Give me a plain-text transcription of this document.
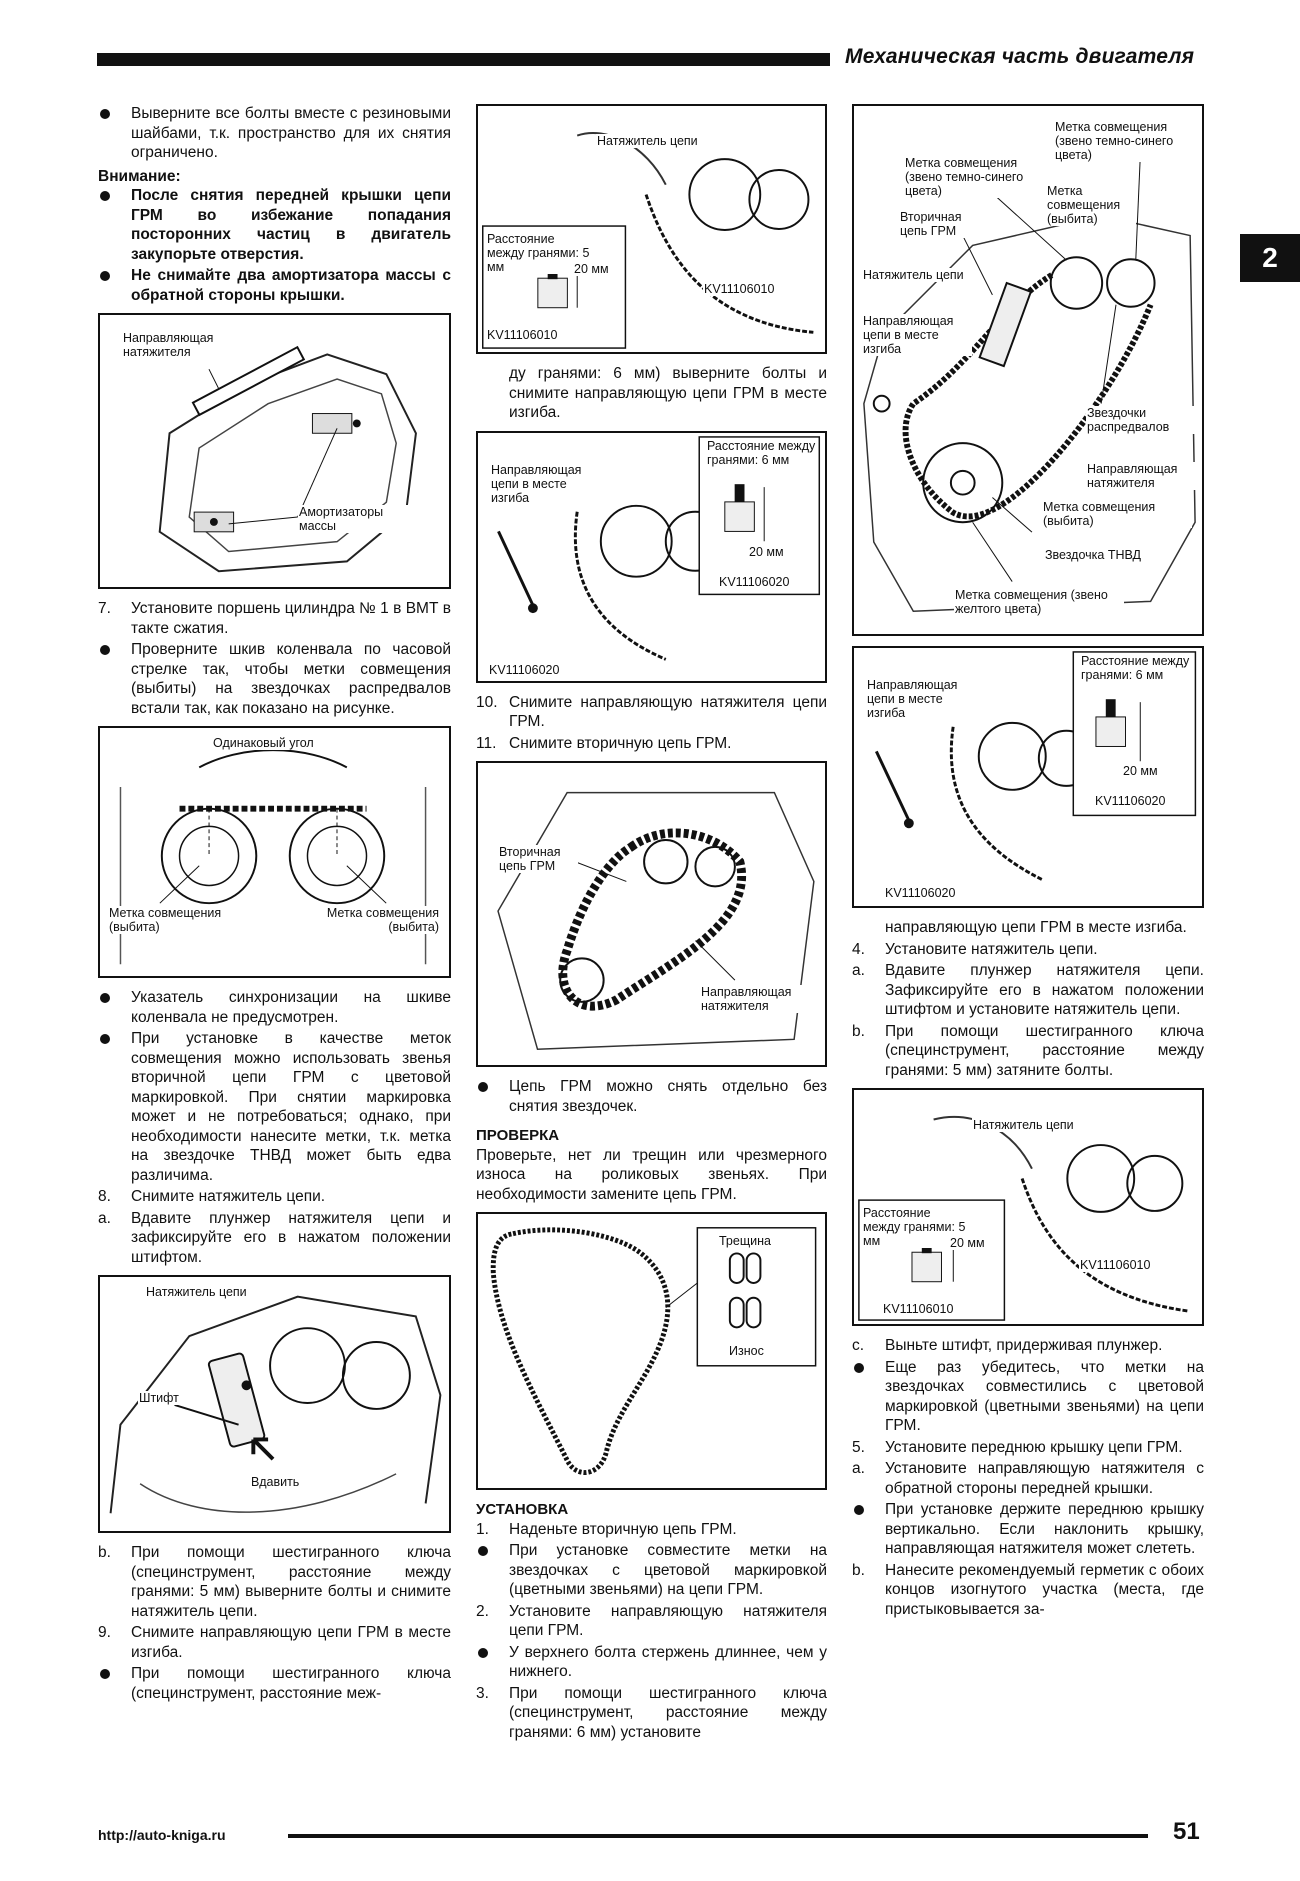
Механическая часть двигателя
2
Выверните все болты вместе с резиновыми шайбами, т.к. пространство для их снятия ограничено.
Внимание:
После снятия передней крышки цепи ГРМ во избежание попадания посторонних частиц в двигатель закупорьте отверстия.
Не снимайте два амортизатора массы с обратной стороны крышки.
Направляющая натяжителя
Амортизаторы массы
7.	Установите поршень цилиндра № 1 в ВМТ в такте сжатия.
Проверните шкив коленвала по часовой стрелке так, чтобы метки совмещения (выбиты) на звездочках распредвалов встали так, как показано на рисунке.
Одинаковый угол
Метка совмещения (выбита)
Метка совмещения (выбита)
Указатель синхронизации на шкиве коленвала не предусмотрен.
При установке в качестве меток совмещения можно использовать звенья вторичной цепи ГРМ с цветовой маркировкой. При снятии маркировка может и не потребоваться; однако, при необходимости нанесите метки, т.к. метка на звездочке ТНВД может быть едва различима.
8.	Снимите натяжитель цепи.
a.	Вдавите плунжер натяжителя цепи и зафиксируйте его в нажатом положении штифтом.
Натяжитель цепи
Штифт
Вдавить
b.	При помощи шестигранного ключа (специнструмент, расстояние между гранями: 5 мм) выверните болты и снимите натяжитель цепи.
9.	Снимите направляющую цепи ГРМ в месте изгиба.
При помощи шестигранного ключа (специнструмент, расстояние меж-
Натяжитель цепи
Расстояние между гранями: 5 мм	20 мм
KV11106010
KV11106010
ду гранями: 6 мм) выверните болты и снимите направляющую цепи ГРМ в месте изгиба.
Расстояние между гранями: 6 мм
Направляющая цепи в месте изгиба
20 мм
KV11106020
KV11106020
10. Снимите направляющую натяжителя цепи ГРМ.
11. Снимите вторичную цепь ГРМ.
Вторичная цепь ГРМ
Направляющая натяжителя
Цепь ГРМ можно снять отдельно без снятия звездочек.
ПРОВЕРКА
Проверьте, нет ли трещин или чрезмерного износа на роликовых звеньях. При необходимости замените цепь ГРМ.
Трещина
Износ
УСТАНОВКА
1.	Наденьте вторичную цепь ГРМ.
При установке совместите метки на звездочках с цветовой маркировкой (цветными звеньями) на цепи ГРМ.
2.	Установите направляющую натяжителя цепи ГРМ.
У верхнего болта стержень длиннее, чем у нижнего.
3.	При помощи шестигранного ключа (специнструмент, расстояние между гранями: 6 мм) установите
Метка совмещения (звено темно-синего цвета)
Метка совмещения (звено темно-синего цвета)	Метка совмещения (выбита)
Вторичная цепь ГРМ
Натяжитель цепи
Направляющая цепи в месте изгиба
Звездочки распредвалов
Направляющая натяжителя
Метка совмещения (выбита)
Звездочка ТНВД
Метка совмещения (звено желтого цвета)
Расстояние между гранями: 6 мм
Направляющая цепи в месте изгиба
20 мм
KV11106020
KV11106020
направляющую цепи ГРМ в месте изгиба.
4.	Установите натяжитель цепи.
a.	Вдавите плунжер натяжителя цепи. Зафиксируйте его в нажатом положении штифтом и установите натяжитель цепи.
b.	При помощи шестигранного ключа (специнструмент, расстояние между гранями: 5 мм) затяните болты.
Натяжитель цепи
Расстояние между гранями: 5 мм	20 мм
KV11106010
KV11106010
c.	Выньте штифт, придерживая плунжер.
Еще раз убедитесь, что метки на звездочках совместились с цветовой маркировкой (цветными звеньями) на цепи ГРМ.
5.	Установите переднюю крышку цепи ГРМ.
a.	Установите направляющую натяжителя с обратной стороны передней крышки.
При установке держите переднюю крышку вертикально. Если наклонить крышку, направляющая натяжителя может слететь.
b.	Нанесите рекомендуемый герметик с обоих концов изогнутого участка (места, где пристыковывается за-
http://auto-kniga.ru	51
